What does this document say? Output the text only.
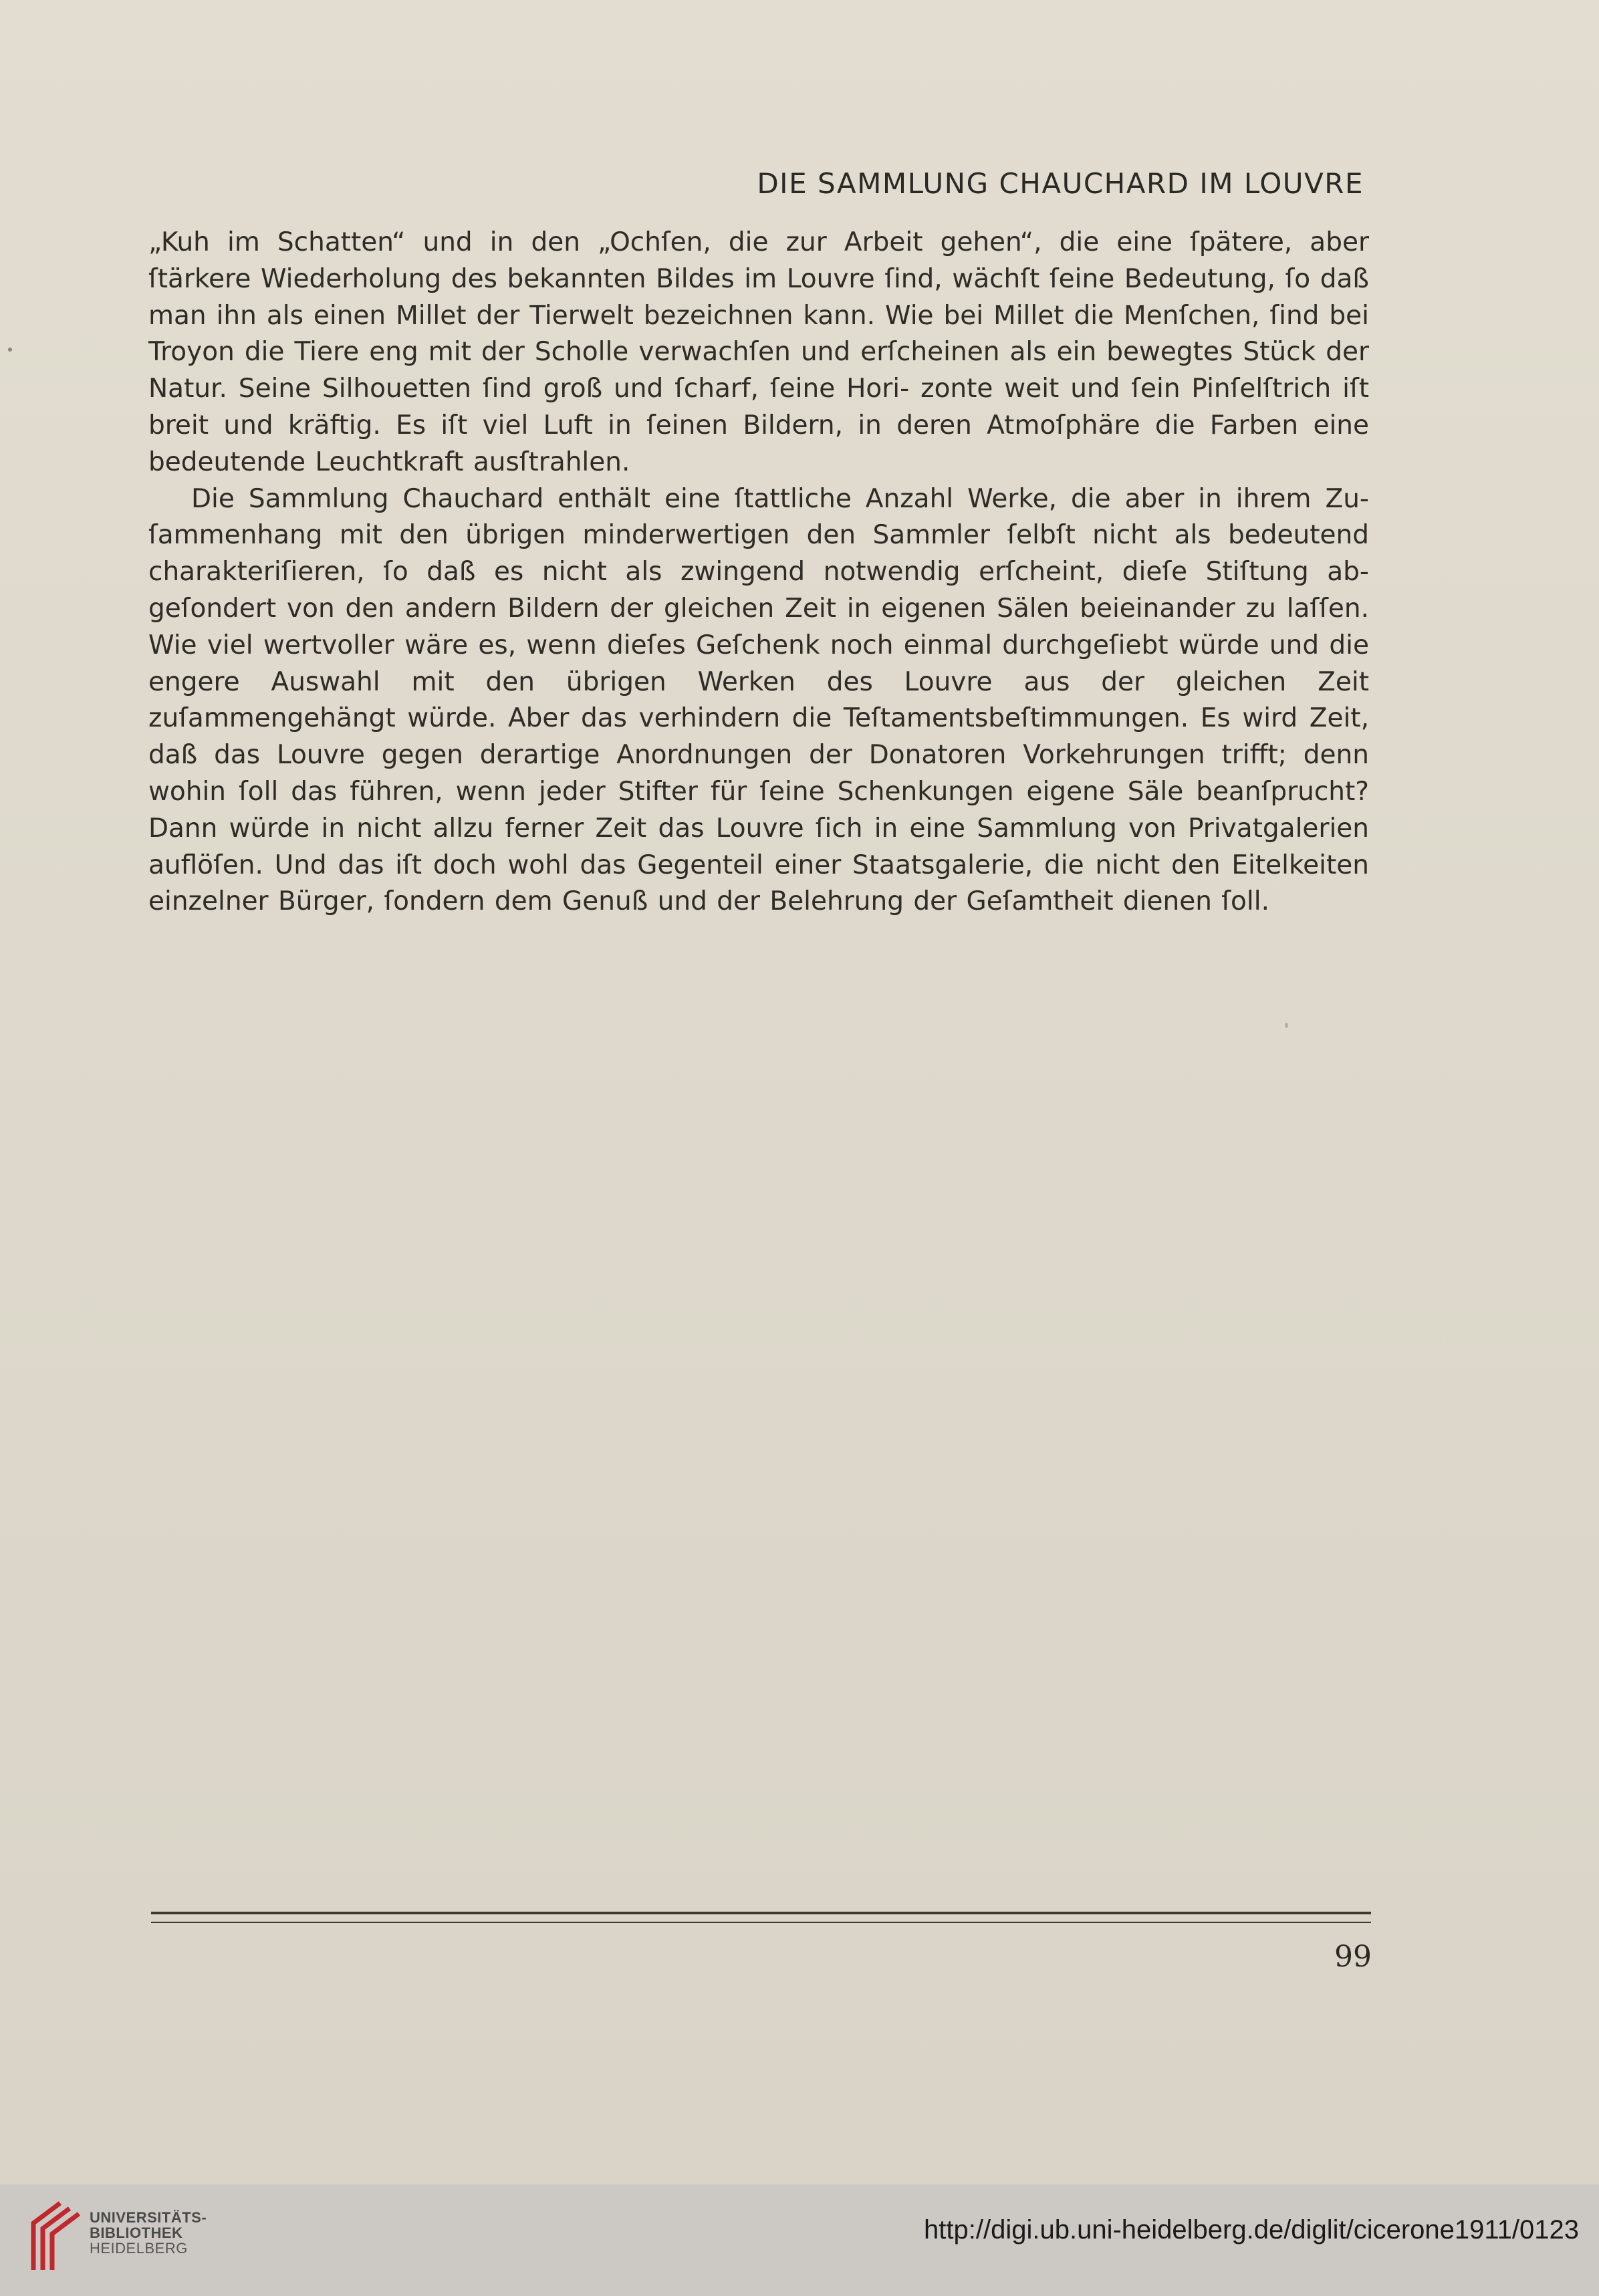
DIE SAMMLUNG CHAUCHARD IM LOUVRE

„Kuh im Schatten“ und in den „Ochſen, die zur Arbeit gehen“, die eine ſpätere, aber ſtärkere Wiederholung des bekannten Bildes im Louvre ſind, wächſt ſeine Bedeutung, ſo daß man ihn als einen Millet der Tierwelt bezeichnen kann. Wie bei Millet die Menſchen, ſind bei Troyon die Tiere eng mit der Scholle verwachſen und erſcheinen als ein bewegtes Stück der Natur. Seine Silhouetten ſind groß und ſcharf, ſeine Hori- zonte weit und ſein Pinſelſtrich iſt breit und kräftig. Es iſt viel Luft in ſeinen Bildern, in deren Atmoſphäre die Farben eine bedeutende Leuchtkraft ausſtrahlen.

Die Sammlung Chauchard enthält eine ſtattliche Anzahl Werke, die aber in ihrem Zu- ſammenhang mit den übrigen minderwertigen den Sammler ſelbſt nicht als bedeutend charakteriſieren, ſo daß es nicht als zwingend notwendig erſcheint, dieſe Stiſtung ab- geſondert von den andern Bildern der gleichen Zeit in eigenen Sälen beieinander zu laſſen. Wie viel wertvoller wäre es, wenn dieſes Geſchenk noch einmal durchgeſiebt würde und die engere Auswahl mit den übrigen Werken des Louvre aus der gleichen Zeit zuſammengehängt würde. Aber das verhindern die Teſtamentsbeſtimmungen. Es wird Zeit, daß das Louvre gegen derartige Anordnungen der Donatoren Vorkehrungen trifft; denn wohin ſoll das führen, wenn jeder Stifter für ſeine Schenkungen eigene Säle beanſprucht? Dann würde in nicht allzu ferner Zeit das Louvre ſich in eine Sammlung von Privatgalerien auflöſen. Und das iſt doch wohl das Gegenteil einer Staatsgalerie, die nicht den Eitelkeiten einzelner Bürger, ſondern dem Genuß und der Belehrung der Geſamtheit dienen ſoll.

99
UNIVERSITÄTS-
BIBLIOTHEK
HEIDELBERG
http://digi.ub.uni-heidelberg.de/diglit/cicerone1911/0123
